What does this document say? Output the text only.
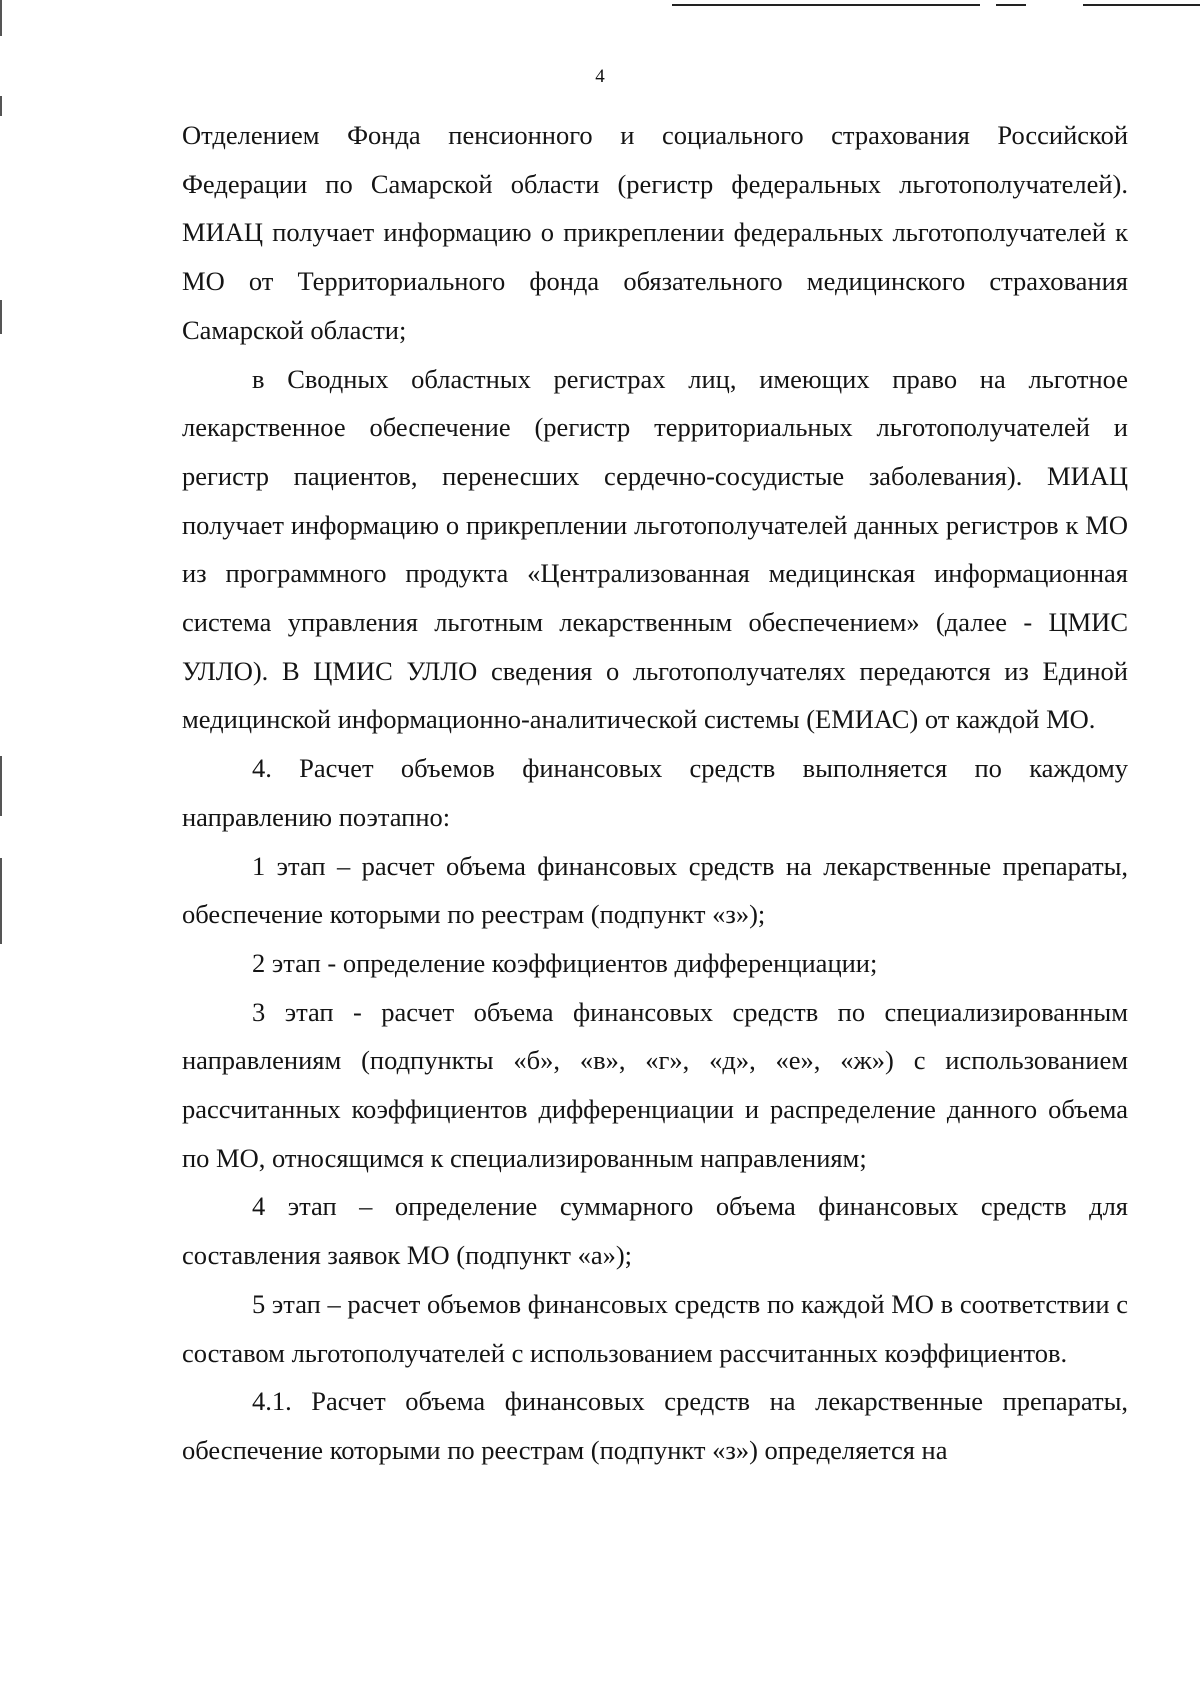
4

Отделением Фонда пенсионного и социального страхования Российской Федерации по Самарской области (регистр федеральных льготополучателей). МИАЦ получает информацию о прикреплении федеральных льготополучателей к МО от Территориального фонда обязательного медицинского страхования Самарской области;

в Сводных областных регистрах лиц, имеющих право на льготное лекарственное обеспечение (регистр территориальных льготополучателей и регистр пациентов, перенесших сердечно-сосудистые заболевания). МИАЦ получает информацию о прикреплении льготополучателей данных регистров к МО из программного продукта «Централизованная медицинская информационная система управления льготным лекарственным обеспечением» (далее - ЦМИС УЛЛО). В ЦМИС УЛЛО сведения о льготополучателях передаются из Единой медицинской информационно-аналитической системы (ЕМИАС) от каждой МО.

4. Расчет объемов финансовых средств выполняется по каждому направлению поэтапно:

1 этап – расчет объема финансовых средств на лекарственные препараты, обеспечение которыми по реестрам (подпункт «з»);

2 этап - определение коэффициентов дифференциации;

3 этап - расчет объема финансовых средств по специализированным направлениям (подпункты «б», «в», «г», «д», «е», «ж») с использованием рассчитанных коэффициентов дифференциации и распределение данного объема по МО, относящимся к специализированным направлениям;

4 этап – определение суммарного объема финансовых средств для составления заявок МО (подпункт «а»);

5 этап – расчет объемов финансовых средств по каждой МО в соответствии с составом льготополучателей с использованием рассчитанных коэффициентов.

4.1. Расчет объема финансовых средств на лекарственные препараты, обеспечение которыми по реестрам (подпункт «з») определяется на
